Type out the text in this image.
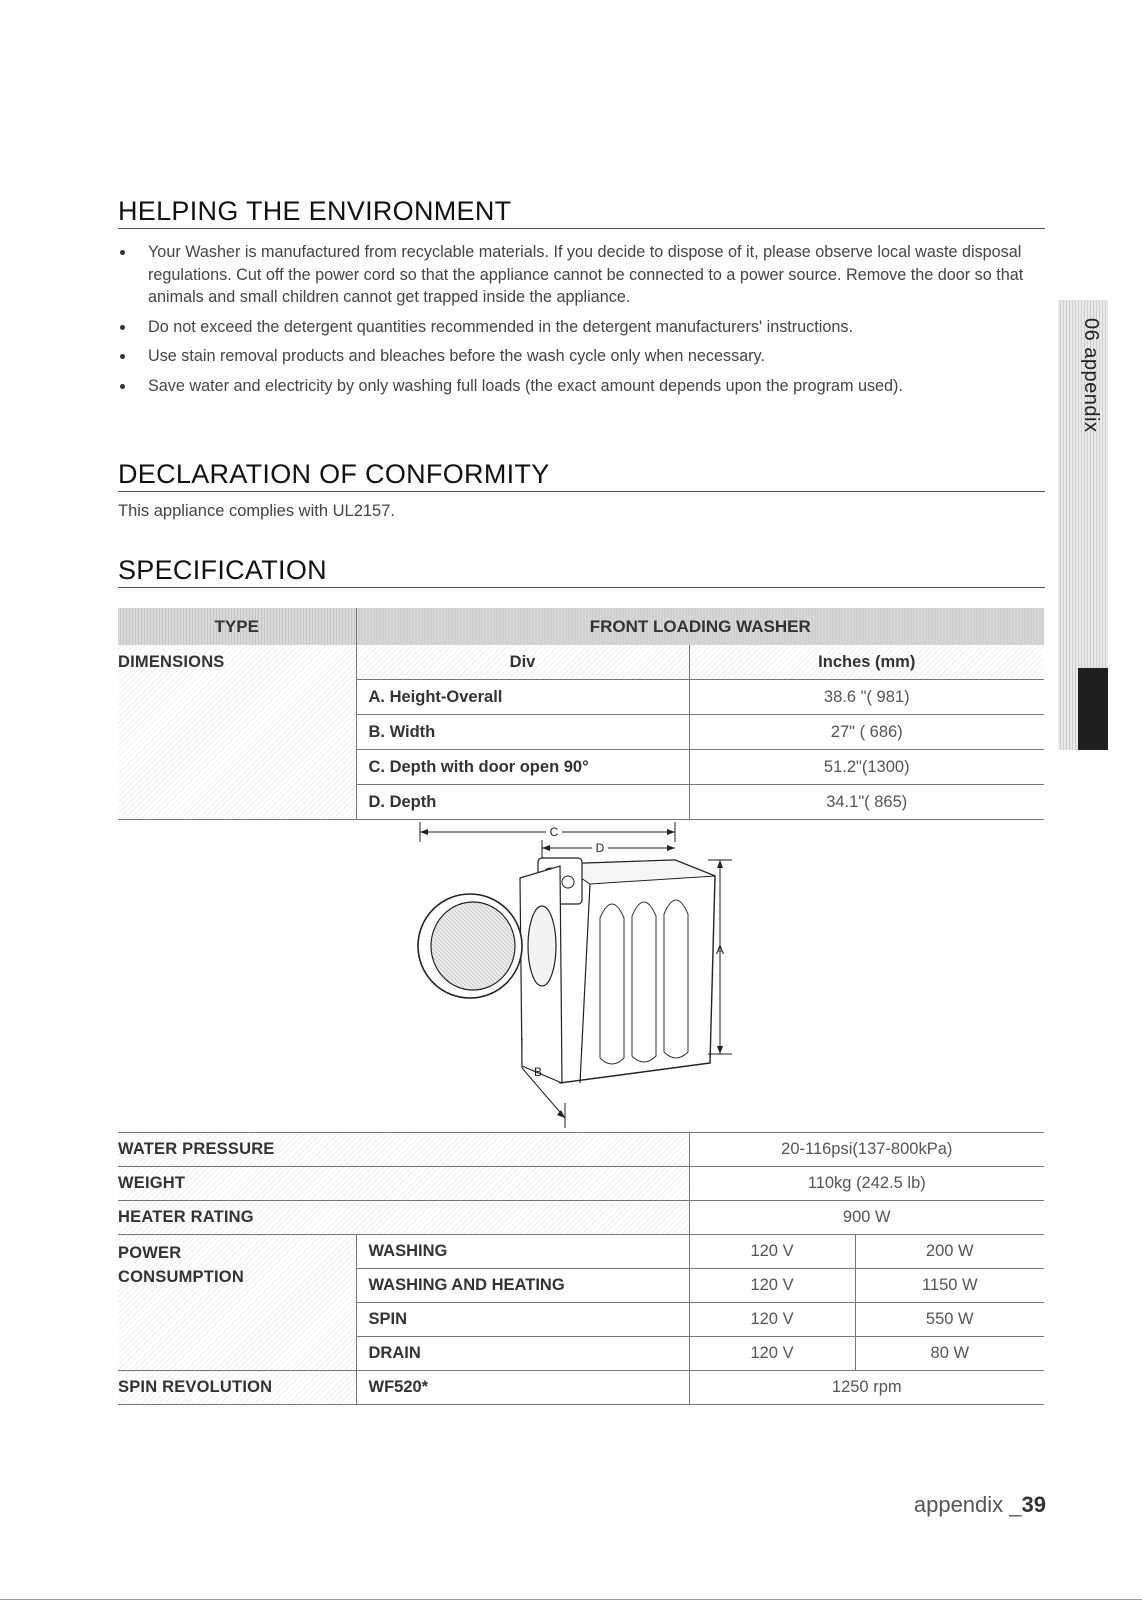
HELPING THE ENVIRONMENT
Your Washer is manufactured from recyclable materials. If you decide to dispose of it, please observe local waste disposal regulations. Cut off the power cord so that the appliance cannot be connected to a power source. Remove the door so that animals and small children cannot get trapped inside the appliance.
Do not exceed the detergent quantities recommended in the detergent manufacturers' instructions.
Use stain removal products and bleaches before the wash cycle only when necessary.
Save water and electricity by only washing full loads (the exact amount depends upon the program used).
DECLARATION OF CONFORMITY

This appliance complies with UL2157.

SPECIFICATION
TYPE	FRONT LOADING WASHER	
DIMENSIONS	Div	Inches (mm)
	A. Height-Overall	38.6 "( 981)
	B. Width	27" ( 686)
	C. Depth with door open 90°	51.2"(1300)
	D. Depth	34.1"( 865)
C
D
A
B
WATER PRESSURE		20-116psi(137-800kPa)	
WEIGHT		110kg (242.5 lb)	
HEATER RATING		900 W	

POWER
CONSUMPTION	WASHING	120 V	200 W
	WASHING AND HEATING	120 V	1150 W
	SPIN	120 V	550 W
	DRAIN	120 V	80 W
SPIN REVOLUTION	WF520*	1250 rpm	
06 appendix
appendix _39
